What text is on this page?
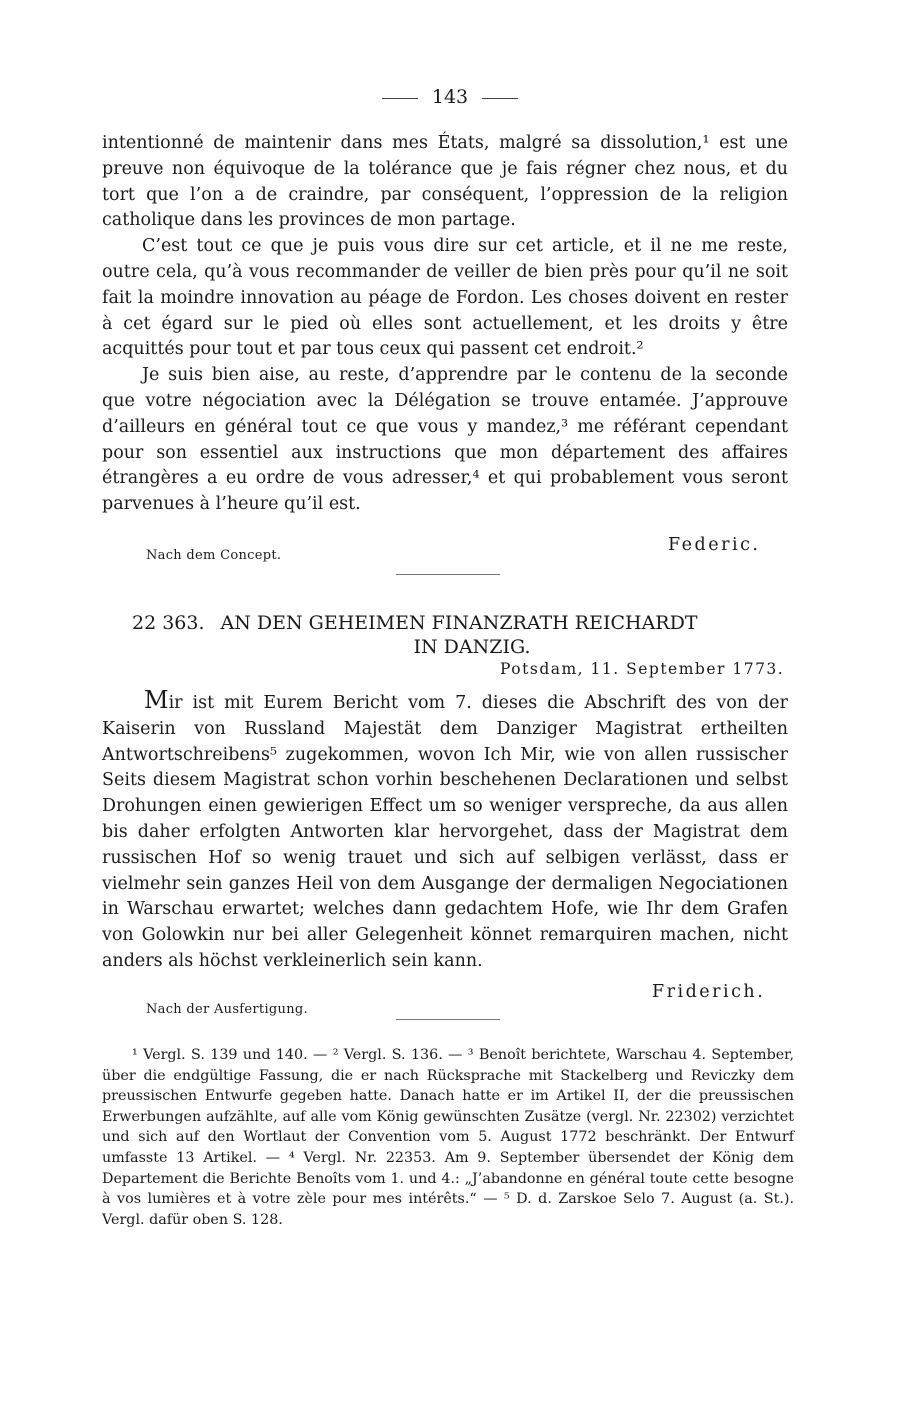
143

intentionné de maintenir dans mes États, malgré sa dissolution,¹ est une preuve non équivoque de la tolérance que je fais régner chez nous, et du tort que l’on a de craindre, par conséquent, l’oppression de la religion catholique dans les provinces de mon partage.

C’est tout ce que je puis vous dire sur cet article, et il ne me reste, outre cela, qu’à vous recommander de veiller de bien près pour qu’il ne soit fait la moindre innovation au péage de Fordon. Les choses doivent en rester à cet égard sur le pied où elles sont actuellement, et les droits y être acquittés pour tout et par tous ceux qui passent cet endroit.²

Je suis bien aise, au reste, d’apprendre par le contenu de la seconde que votre négociation avec la Délégation se trouve entamée. J’approuve d’ailleurs en général tout ce que vous y mandez,³ me référant cependant pour son essentiel aux instructions que mon département des affaires étrangères a eu ordre de vous adresser,⁴ et qui probablement vous seront parvenues à l’heure qu’il est.

Nach dem Concept.
Federic.
22 363. AN DEN GEHEIMEN FINANZRATH REICHARDT
IN DANZIG.
Potsdam, 11. September 1773.

Mir ist mit Eurem Bericht vom 7. dieses die Abschrift des von der Kaiserin von Russland Majestät dem Danziger Magistrat ertheilten Antwortschreibens⁵ zugekommen, wovon Ich Mir, wie von allen russischer Seits diesem Magistrat schon vorhin beschehenen Declarationen und selbst Drohungen einen gewierigen Effect um so weniger verspreche, da aus allen bis daher erfolgten Antworten klar hervorgehet, dass der Magistrat dem russischen Hof so wenig trauet und sich auf selbigen verlässt, dass er vielmehr sein ganzes Heil von dem Ausgange der dermaligen Negociationen in Warschau erwartet; welches dann gedachtem Hofe, wie Ihr dem Grafen von Golowkin nur bei aller Gelegenheit könnet remarquiren machen, nicht anders als höchst verkleinerlich sein kann.

Friderich.
Nach der Ausfertigung.

¹ Vergl. S. 139 und 140. — ² Vergl. S. 136. — ³ Benoît berichtete, Warschau 4. September, über die endgültige Fassung, die er nach Rücksprache mit Stackelberg und Reviczky dem preussischen Entwurfe gegeben hatte. Danach hatte er im Artikel II, der die preussischen Erwerbungen aufzählte, auf alle vom König gewünschten Zusätze (vergl. Nr. 22302) verzichtet und sich auf den Wortlaut der Convention vom 5. August 1772 beschränkt. Der Entwurf umfasste 13 Artikel. — ⁴ Vergl. Nr. 22353. Am 9. September übersendet der König dem Departement die Berichte Benoîts vom 1. und 4.: „J’abandonne en général toute cette besogne à vos lumières et à votre zèle pour mes intérêts.“ — ⁵ D. d. Zarskoe Selo 7. August (a. St.). Vergl. dafür oben S. 128.
